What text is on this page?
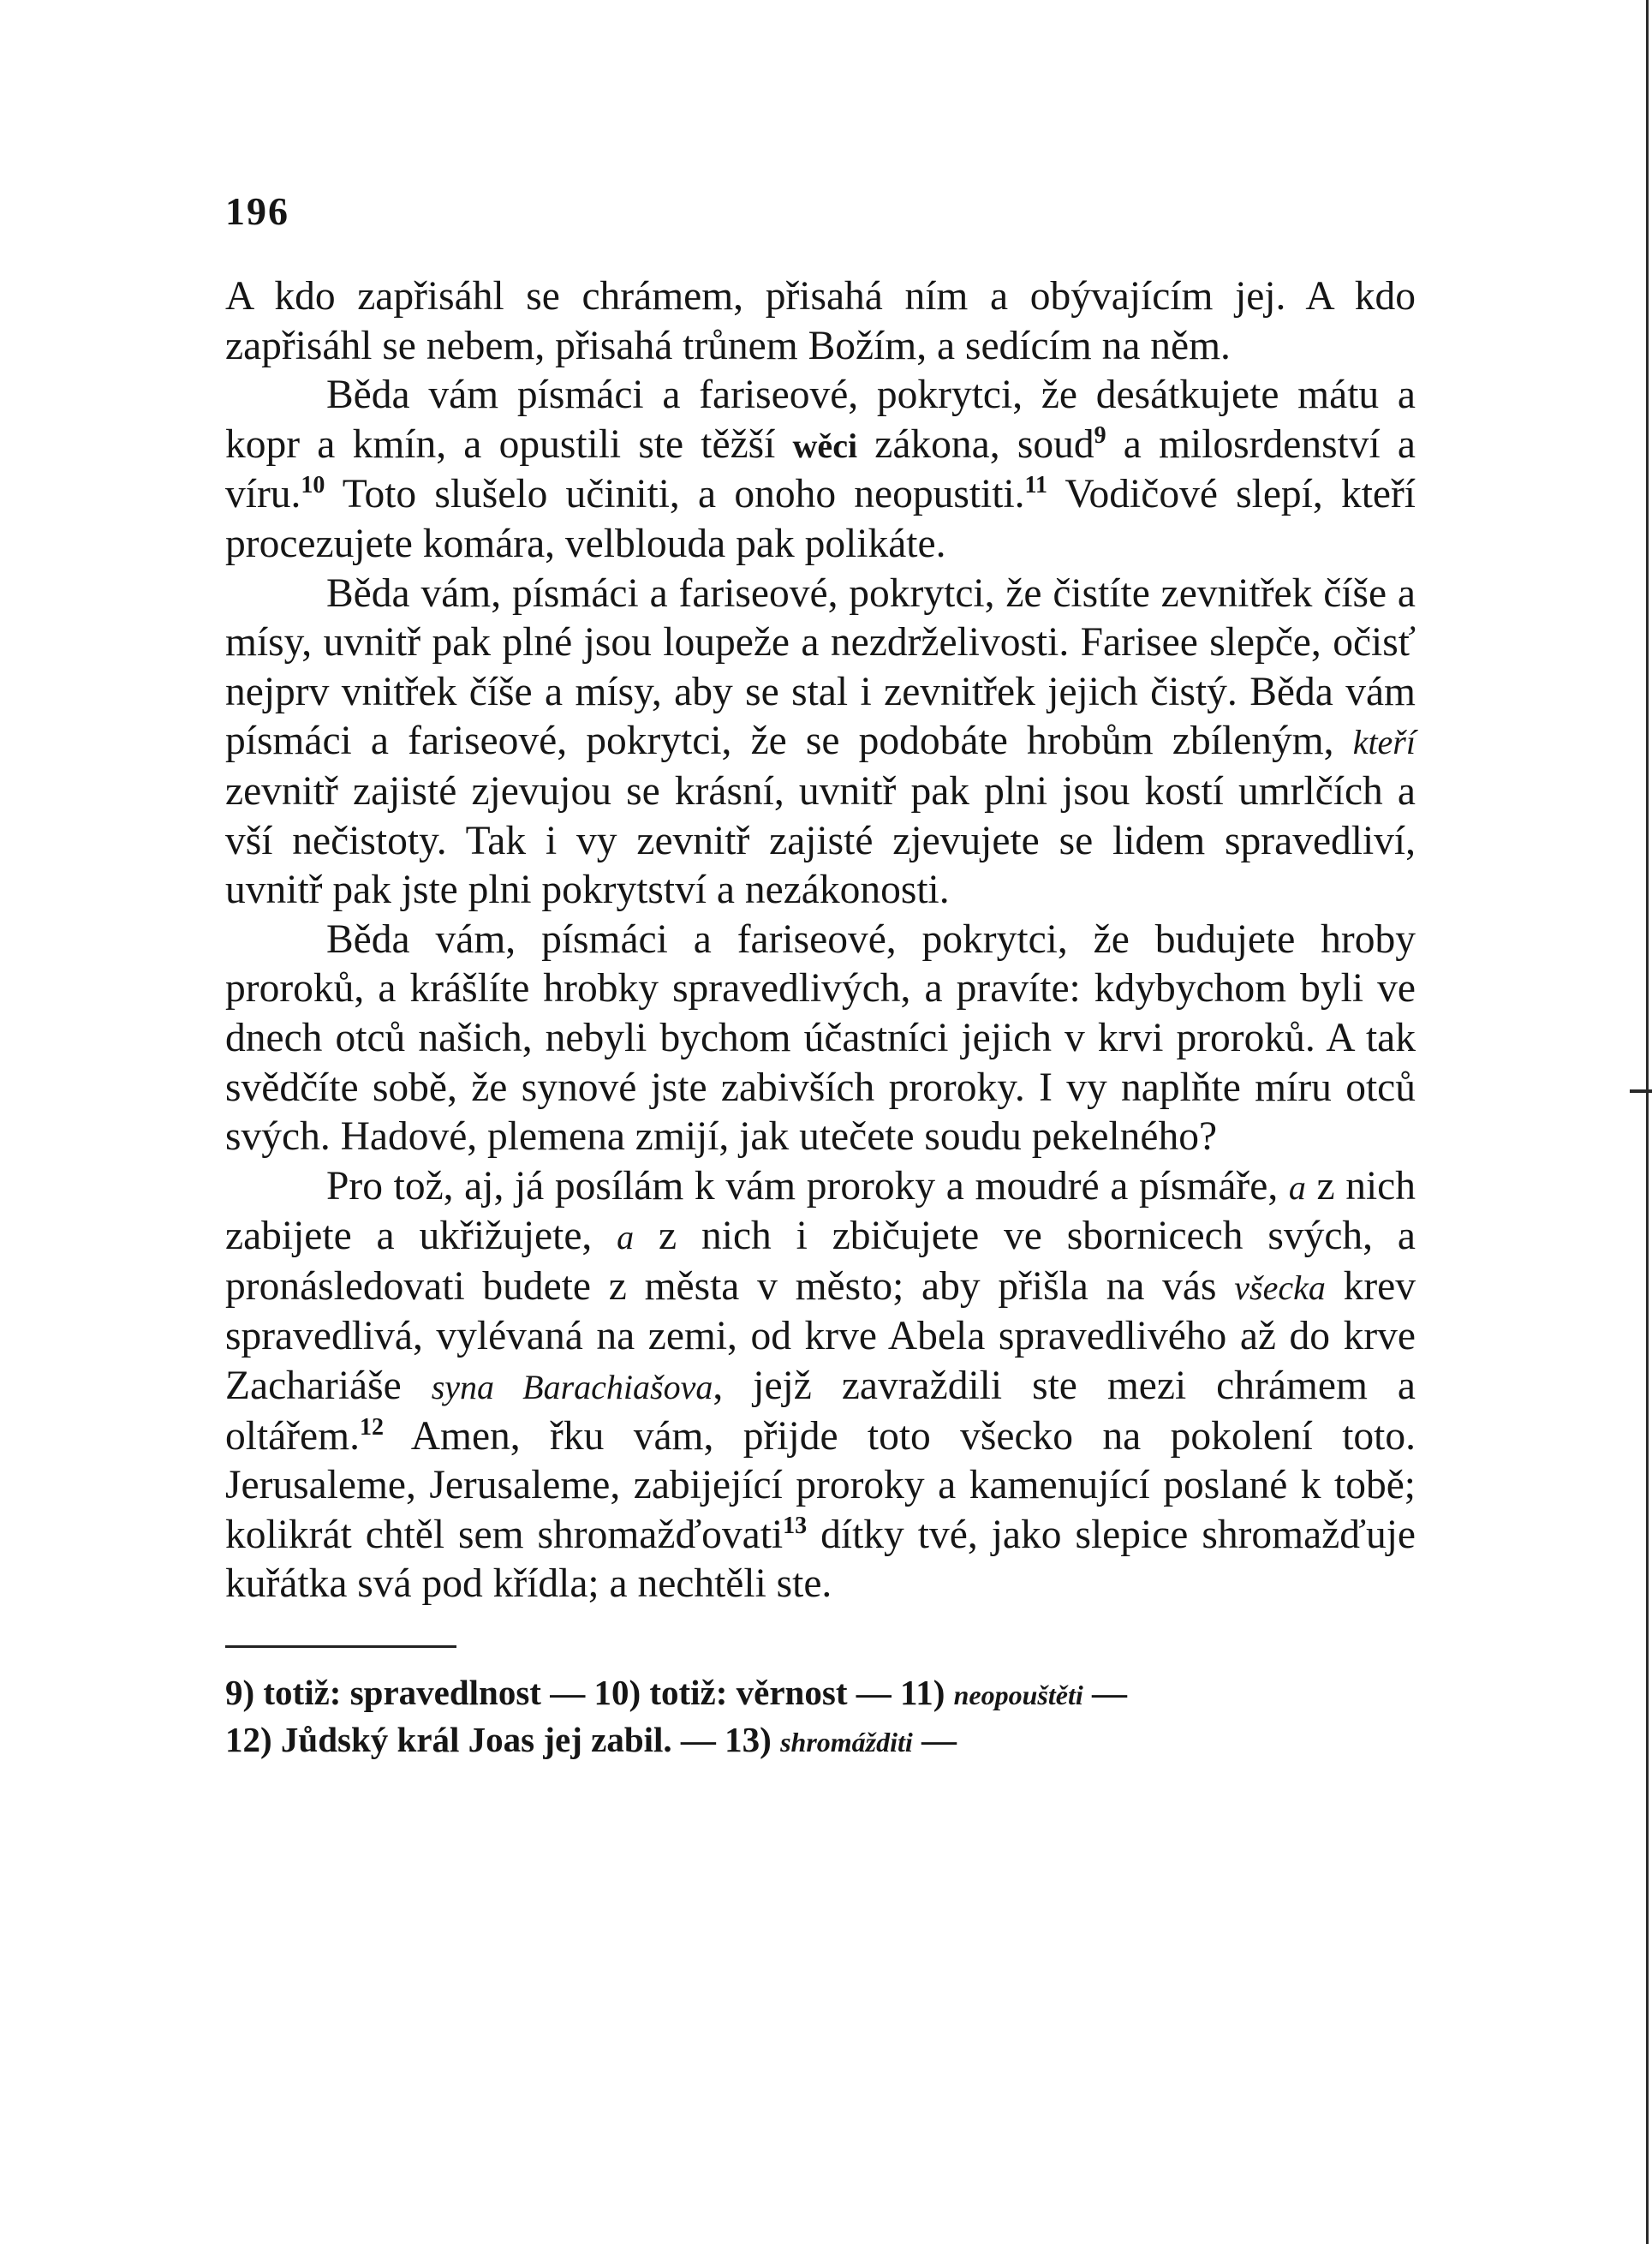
196

A kdo zapřisáhl se chrámem, přisahá ním a obývajícím jej. A kdo zapřisáhl se nebem, přisahá trůnem Božím, a sedícím na něm.

Běda vám písmáci a fariseové, pokrytci, že desátkujete mátu a kopr a kmín, a opustili ste těžší wěci zákona, soud$^9$ a milosrdenství a víru.$^{10}$ Toto slušelo učiniti, a onoho neopustiti.$^{11}$ Vodičové slepí, kteří procezujete komára, velblouda pak polikáte.

Běda vám, písmáci a fariseové, pokrytci, že čistíte zevnitřek číše a mísy, uvnitř pak plné jsou loupeže a nezdrželivosti. Farisee slepče, očisť nejprv vnitřek číše a mísy, aby se stal i zevnitřek jejich čistý. Běda vám písmáci a fariseové, pokrytci, že se podobáte hrobům zbíleným, kteří zevnitř zajisté zjevujou se krásní, uvnitř pak plni jsou kostí umrlčích a vší nečistoty. Tak i vy zevnitř zajisté zjevujete se lidem spravedliví, uvnitř pak jste plni pokrytství a nezákonosti.

Běda vám, písmáci a fariseové, pokrytci, že budujete hroby proroků, a krášlíte hrobky spravedlivých, a pravíte: kdybychom byli ve dnech otců našich, nebyli bychom účastníci jejich v krvi proroků. A tak svědčíte sobě, že synové jste zabivších proroky. I vy naplňte míru otců svých. Hadové, plemena zmijí, jak utečete soudu pekelného?

Pro tož, aj, já posílám k vám proroky a moudré a písmáře, a z nich zabijete a ukřižujete, a z nich i zbičujete ve sbornicech svých, a pronásledovati budete z města v město; aby přišla na vás všecka krev spravedlivá, vylévaná na zemi, od krve Abela spravedlivého až do krve Zachariáše syna Barachiašova, jejž zavraždili ste mezi chrámem a oltářem.$^{12}$ Amen, řku vám, přijde toto všecko na pokolení toto. Jerusaleme, Jerusaleme, zabijející proroky a kamenující poslané k tobě; kolikrát chtěl sem shromažďovati$^{13}$ dítky tvé, jako slepice shromažďuje kuřátka svá pod křídla; a nechtěli ste.

9) totiž: spravedlnost — 10) totiž: věrnost — 11) neopouštěti —

12) Jůdský král Joas jej zabil. — 13) shromážditi —
